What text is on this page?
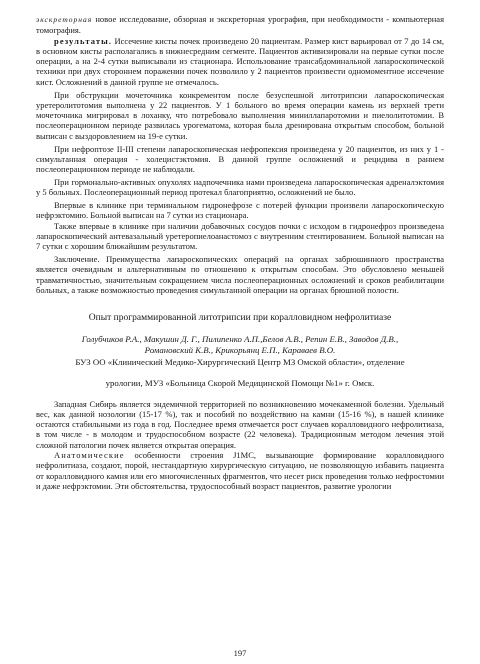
экскреторная новое исследование, обзорная и экскреторная урография, при необходимости - компьютерная томография.

результаты. Иссечение кисты почек произведено 20 пациентам. Размер кист варьировал от 7 до 14 см, в основном кисты располагались в нижнесредним сегменте. Пациентов активизировали на первые сутки после операции, а на 2-4 сутки выписывали из стационара. Использование трансабдоминальной лапароскопической техники при двух стороннем поражении почек позволило у 2 пациентов произвести одномоментное иссечение кист. Осложнений в данной группе не отмечалось.

При обструкции мочеточника конкрементом после безуспешной литотрипсии лапароскопическая уретеролитотомия выполнена у 22 пациентов. У 1 больного во время операции камень из верхней трети мочеточника мигрировал в лоханку, что потребовало выполнения миниллапаротомии и пиелолитотомии. В послеоперационном периоде развилась урогематома, которая была дренирована открытым способом, больной выписан с выздоровлением на 19-е сутки.

При нефроптозе II-III степени лапароскопическая нефропексия произведена у 20 пациентов, из них у 1 - симультанная операция - холецистэктомия. В данной группе осложнений и рецидива в раннем послеоперационном периоде не наблюдали.

При гормонально-активных опухолях надпочечника нами произведена лапароскопическая адреналэктомия у 5 больных. Послеоперационный период протекал благоприятно, осложнений не было.

Впервые в клинике при терминальном гидронефрозе с потерей функции произвели лапароскопическую нефрэктомию. Больной выписан на 7 сутки из стационара.

Также впервые в клинике при наличии добавочных сосудов почки с исходом в гидронефроз произведена лапароскопический антевазальный уретеропиелоанастомоз с внутренним стентированием. Больной выписан на 7 сутки с хорошим ближайшим результатом.

Заключение. Преимущества лапароскопических операций на органах забрюшинного пространства является очевидным и альтернативным по отношению к открытым способам. Это обусловлено меньшей травматичностью, значительным сокращением числа послеоперационных осложнений и сроков реабилитации больных, а также возможностью проведения симультанной операции на органах брюшной полости.

Опыт программированной литотрипсии при коралловидном нефролитиазе

Голубчиков Р.А., Макушин Д. Г., Пилипенко А.П.,Белов А.В., Репин Е.В., Заводов Д.В.,

Романовский К.В., Крикорьянц Е.П., Караваев В.О.

БУЗ ОО «Клинический Медико-Хирургический Центр МЗ Омской области», отделение

урологии, МУЗ «Больница Скорой Медицинской Помощи №1» г. Омск.

Западная Сибирь является эндемичной территорией по возникновению мочекаменной болезни. Удельный вес, как данной нозологии (15-17 %), так и пособий по воздействию на камни (15-16 %), в нашей клинике остаются стабильными из года в год. Последнее время отмечается рост случаев коралловидного нефролитиаза, в том числе - в молодом и трудоспособном возрасте (22 человека). Традиционным методом лечения этой сложной патологии почек является открытая операция.

Анатомические особенности строения J1МС, вызывающие формирование коралловидного нефролитиаза, создают, порой, нестандартную хирургическую ситуацию, не позволяющую избавить пациента от коралловидного камня или его многочисленных фрагментов, что несет риск проведения только нефростомии и даже нефрэктомии. Эти обстоятельства, трудоспособный возраст пациентов, развитие урологии

197
